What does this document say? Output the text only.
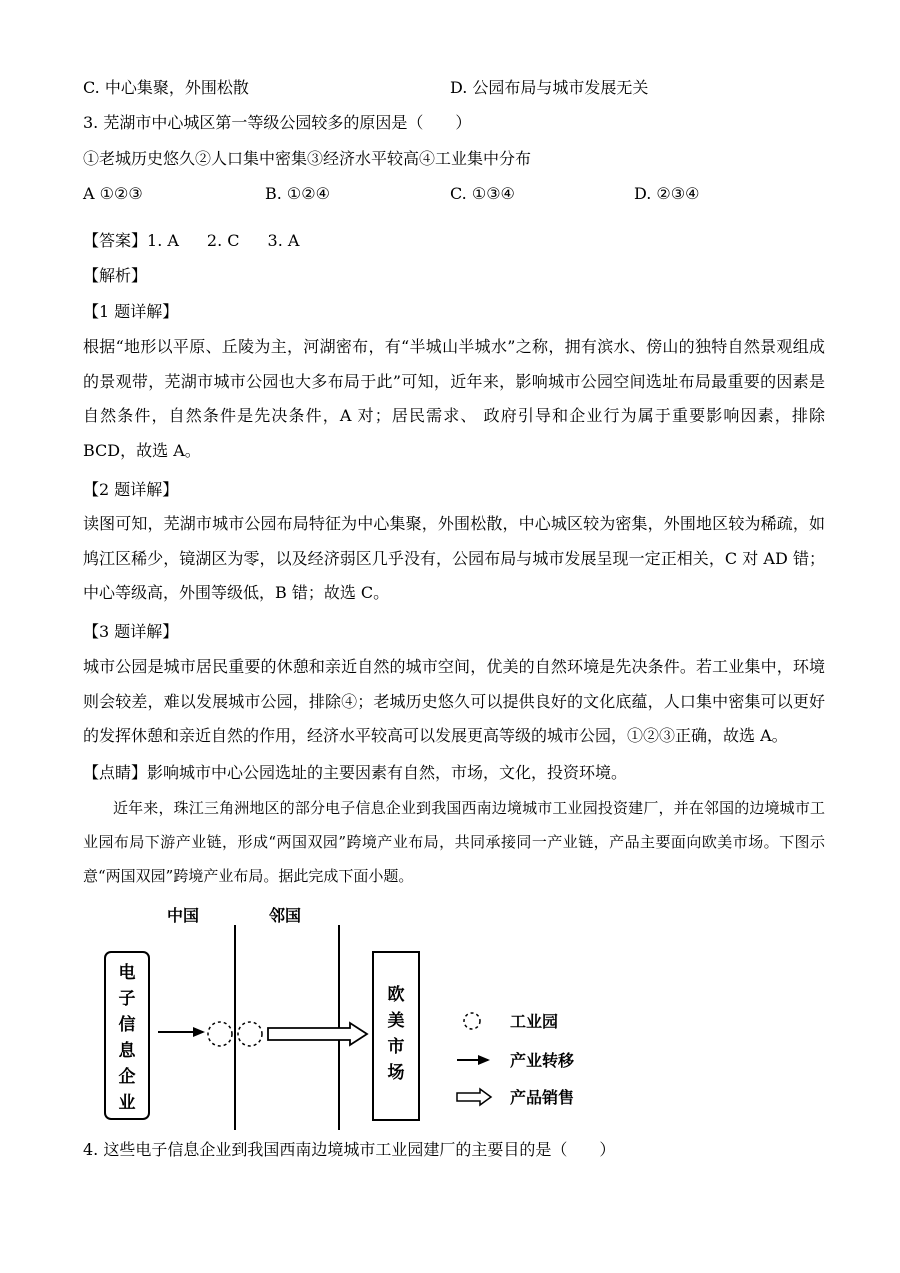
C. 中心集聚，外围松散	D. 公园布局与城市发展无关
3. 芜湖市中心城区第一等级公园较多的原因是（　　）
①老城历史悠久②人口集中密集③经济水平较高④工业集中分布
A ①②③	B. ①②④	C. ①③④	D. ②③④
【答案】1. A 2. C 3. A
【解析】
【1 题详解】
根据“地形以平原、丘陵为主，河湖密布，有“半城山半城水”之称，拥有滨水、傍山的独特自然景观组成的景观带，芜湖市城市公园也大多布局于此”可知，近年来，影响城市公园空间选址布局最重要的因素是自然条件，自然条件是先决条件，A 对；居民需求、 政府引导和企业行为属于重要影响因素，排除 BCD，故选 A。
【2 题详解】
读图可知，芜湖市城市公园布局特征为中心集聚，外围松散，中心城区较为密集，外围地区较为稀疏，如鸠江区稀少，镜湖区为零，以及经济弱区几乎没有，公园布局与城市发展呈现一定正相关，C 对 AD 错；中心等级高，外围等级低，B 错；故选 C。
【3 题详解】
城市公园是城市居民重要的休憩和亲近自然的城市空间，优美的自然环境是先决条件。若工业集中，环境则会较差，难以发展城市公园，排除④；老城历史悠久可以提供良好的文化底蕴，人口集中密集可以更好的发挥休憩和亲近自然的作用，经济水平较高可以发展更高等级的城市公园，①②③正确，故选 A。
【点睛】影响城市中心公园选址的主要因素有自然，市场，文化，投资环境。
近年来，珠江三角洲地区的部分电子信息企业到我国西南边境城市工业园投资建厂，并在邻国的边境城市工业园布局下游产业链，形成“两国双园”跨境产业布局，共同承接同一产业链，产品主要面向欧美市场。下图示意“两国双园”跨境产业布局。据此完成下面小题。
中国	邻国
电
子
信
息
企
业
欧
美
市
场
工业园
产业转移
产品销售
4. 这些电子信息企业到我国西南边境城市工业园建厂的主要目的是（　　）
